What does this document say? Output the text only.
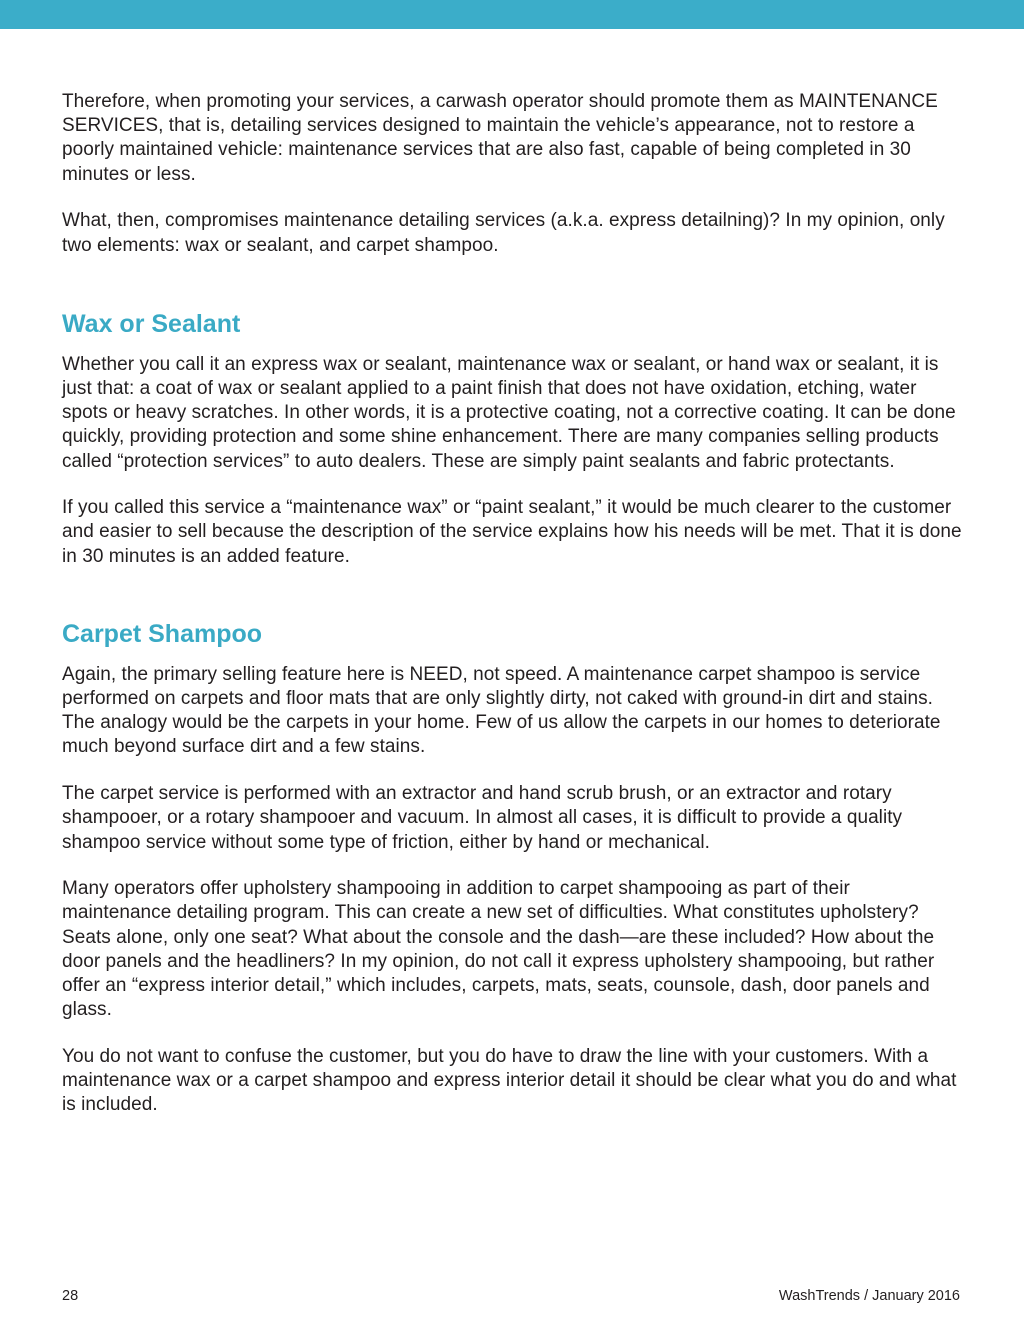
Therefore, when promoting your services, a carwash operator should promote them as MAINTENANCE SERVICES, that is, detailing services designed to maintain the vehicle’s appearance, not to restore a poorly maintained vehicle: maintenance services that are also fast, capable of being completed in 30 minutes or less.

What, then, compromises maintenance detailing services (a.k.a. express detailning)? In my opinion, only two elements: wax or sealant, and carpet shampoo.

Wax or Sealant

Whether you call it an express wax or sealant, maintenance wax or sealant, or hand wax or sealant, it is just that: a coat of wax or sealant applied to a paint finish that does not have oxidation, etching, water spots or heavy scratches. In other words, it is a protective coating, not a corrective coating. It can be done quickly, providing protection and some shine enhancement. There are many companies selling products called “protection services” to auto dealers. These are simply paint sealants and fabric protectants.

If you called this service a “maintenance wax” or “paint sealant,” it would be much clearer to the customer and easier to sell because the description of the service explains how his needs will be met. That it is done in 30 minutes is an added feature.

Carpet Shampoo

Again, the primary selling feature here is NEED, not speed. A maintenance carpet shampoo is service performed on carpets and floor mats that are only slightly dirty, not caked with ground-in dirt and stains. The analogy would be the carpets in your home. Few of us allow the carpets in our homes to deteriorate much beyond surface dirt and a few stains.

The carpet service is performed with an extractor and hand scrub brush, or an extractor and rotary shampooer, or a rotary shampooer and vacuum. In almost all cases, it is difficult to provide a quality shampoo service without some type of friction, either by hand or mechanical.

Many operators offer upholstery shampooing in addition to carpet shampooing as part of their maintenance detailing program. This can create a new set of difficulties. What constitutes upholstery? Seats alone, only one seat? What about the console and the dash—are these included? How about the door panels and the headliners? In my opinion, do not call it express upholstery shampooing, but rather offer an “express interior detail,” which includes, carpets, mats, seats, counsole, dash, door panels and glass.

You do not want to confuse the customer, but you do have to draw the line with your customers. With a maintenance wax or a carpet shampoo and express interior detail it should be clear what you do and what is included.

28	WashTrends / January 2016
